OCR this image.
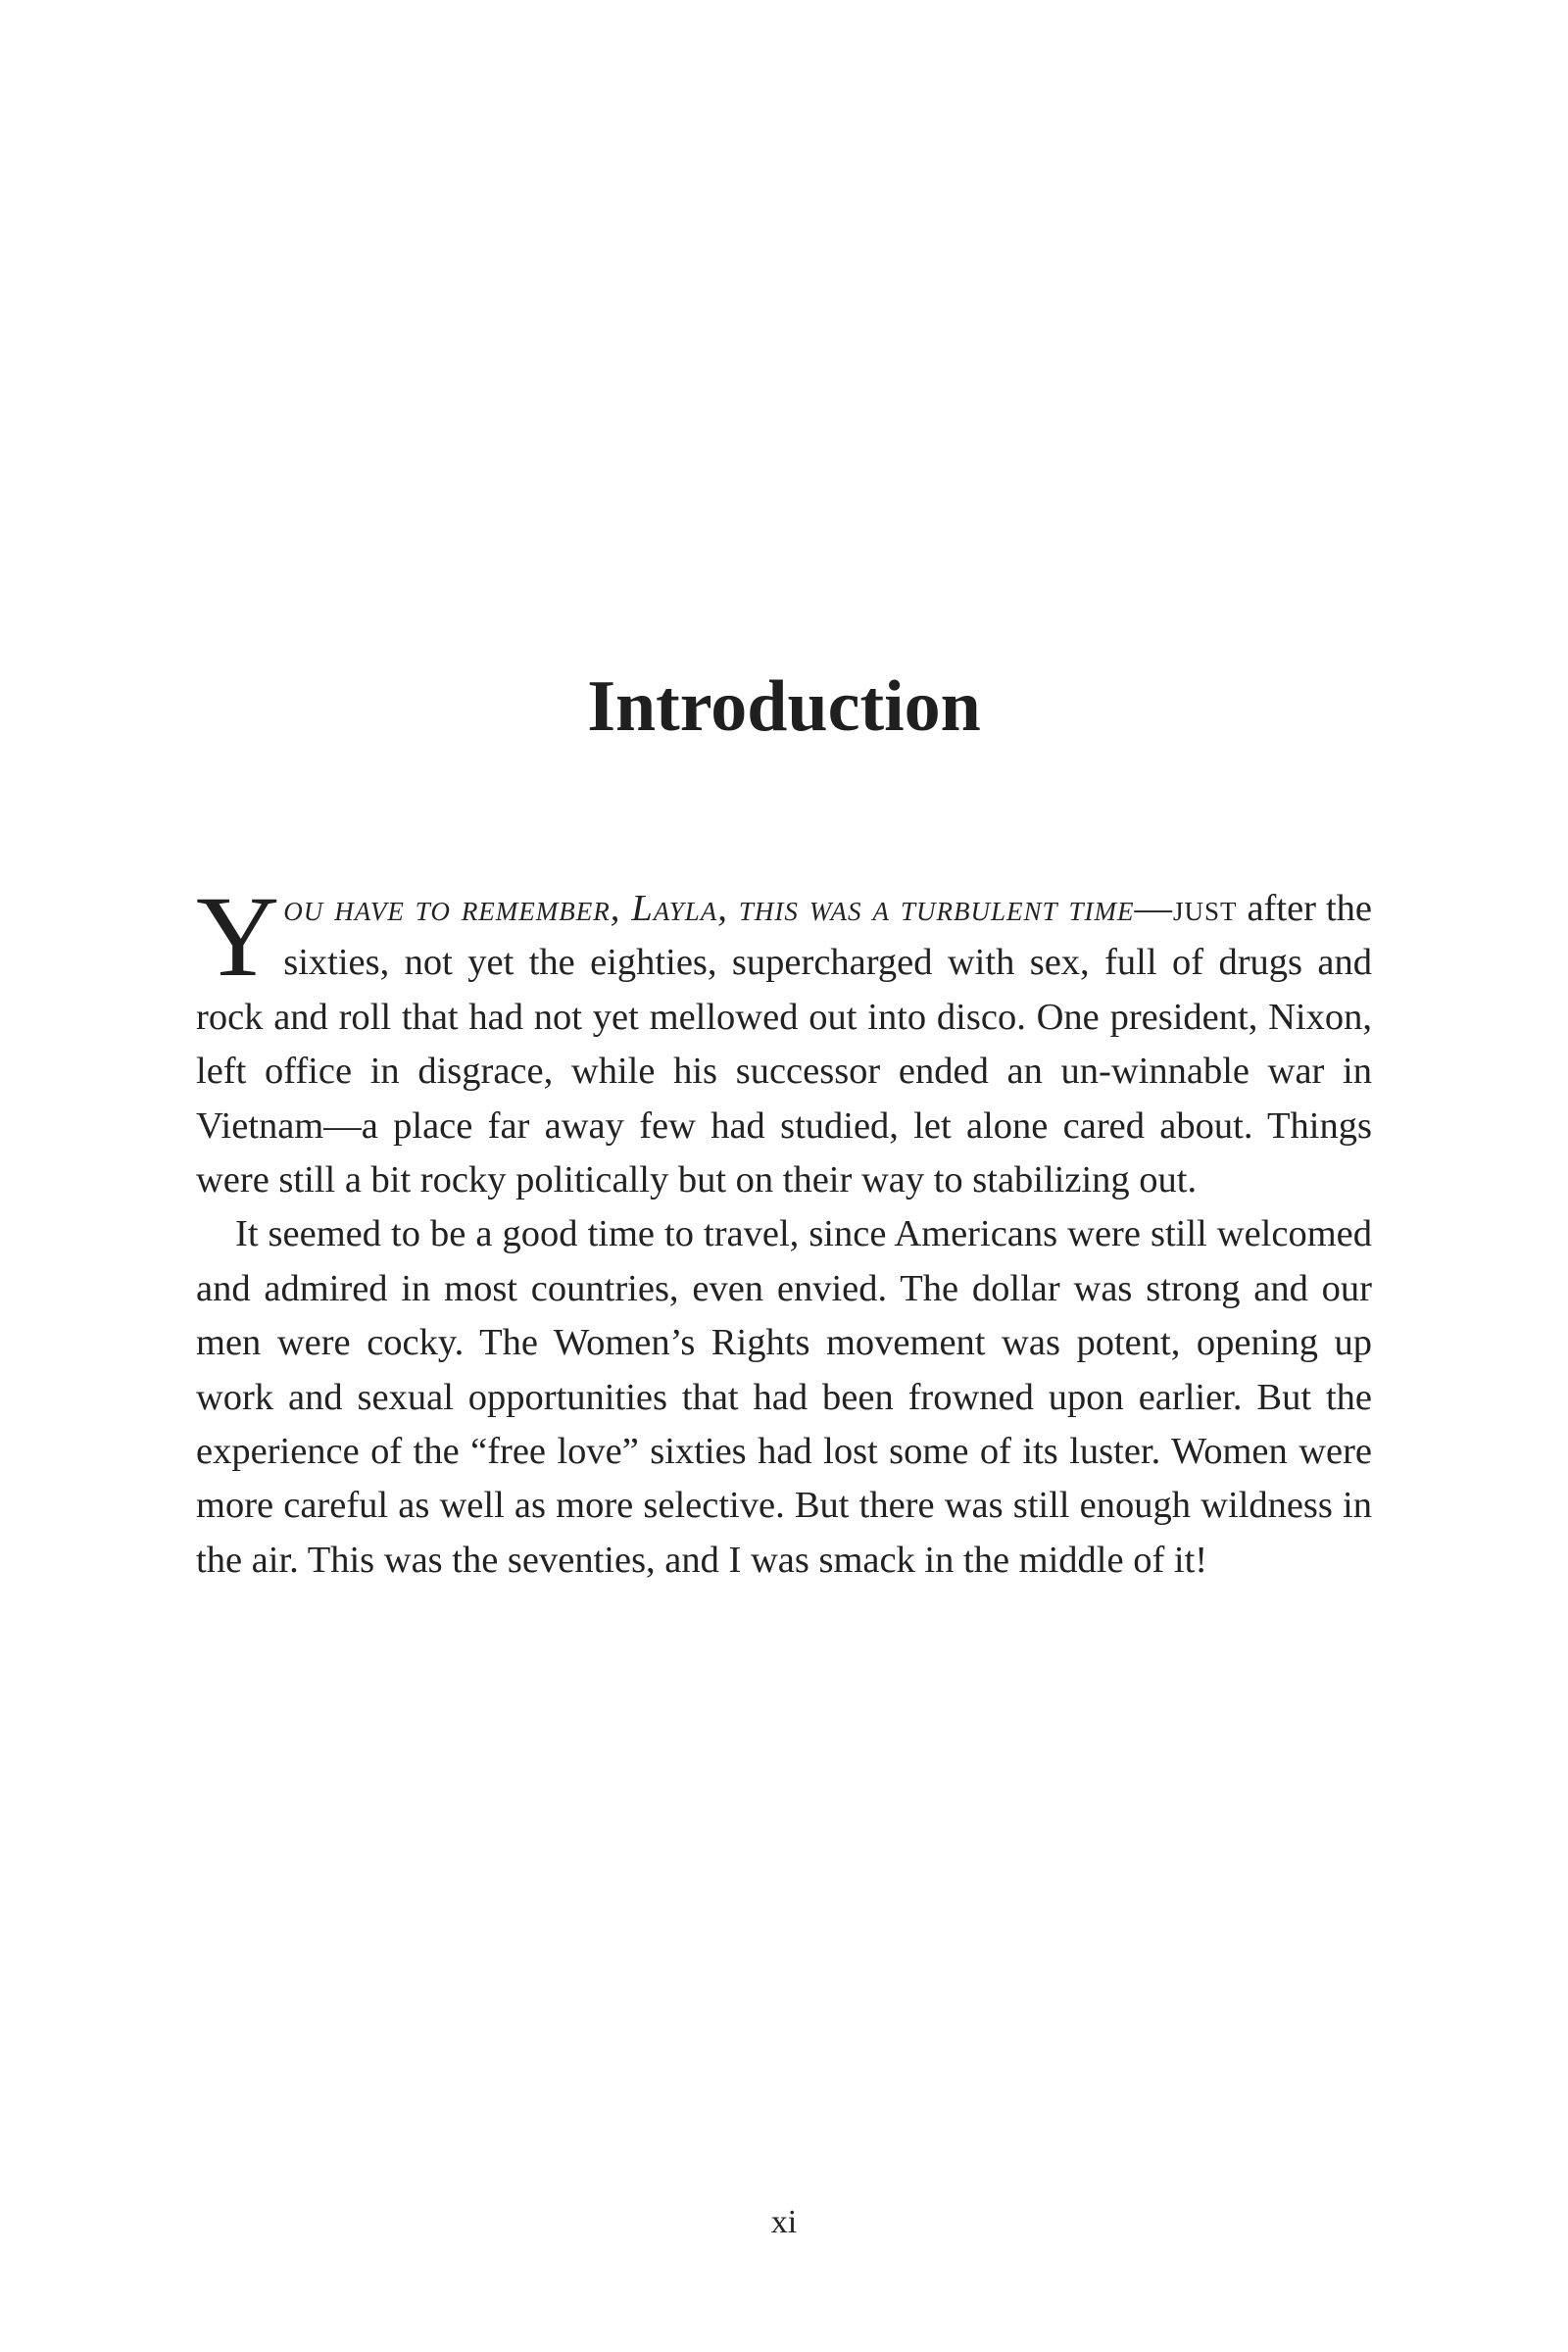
Introduction

You have to remember, Layla, this was a turbulent time—just after the sixties, not yet the eighties, supercharged with sex, full of drugs and rock and roll that had not yet mellowed out into disco. One president, Nixon, left office in disgrace, while his successor ended an un-winnable war in Vietnam—a place far away few had studied, let alone cared about. Things were still a bit rocky politically but on their way to stabilizing out.

It seemed to be a good time to travel, since Americans were still welcomed and admired in most countries, even envied. The dollar was strong and our men were cocky. The Women’s Rights movement was potent, opening up work and sexual opportunities that had been frowned upon earlier. But the experience of the “free love” sixties had lost some of its luster. Women were more careful as well as more selective. But there was still enough wildness in the air. This was the seventies, and I was smack in the middle of it!

xi
